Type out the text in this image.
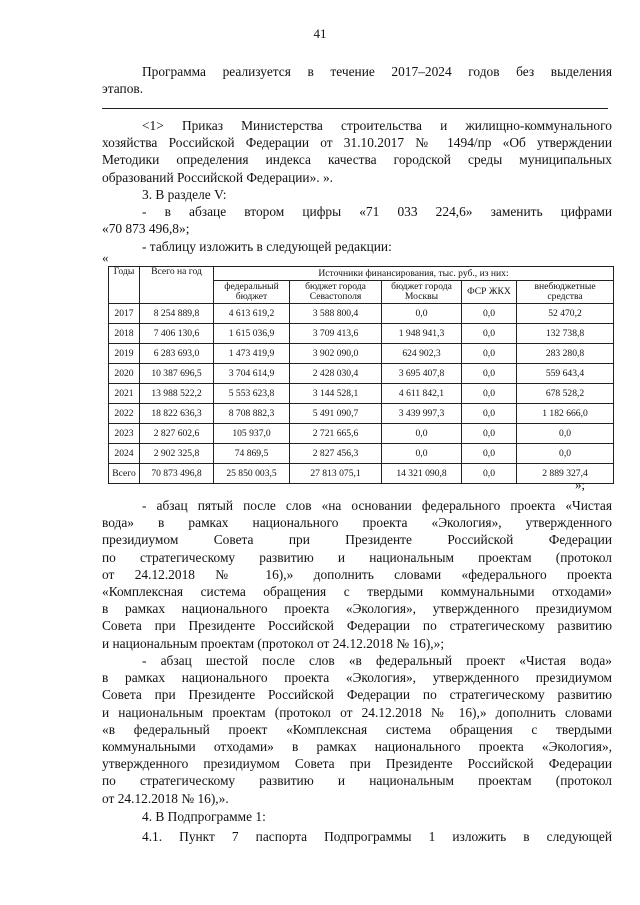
41
Программа реализуется в течение 2017–2024 годов без выделения
этапов.
<1> Приказ Министерства строительства и жилищно-коммунального
хозяйства Российской Федерации от 31.10.2017 № 1494/пр «Об утверждении
Методики определения индекса качества городской среды муниципальных
образований Российской Федерации». ».
3. В разделе V:
- в абзаце втором цифры «71 033 224,6» заменить цифрами
«70 873 496,8»;
- таблицу изложить в следующей редакции:
«
Годы	Всего на год	Источники финансирования, тыс. руб., из них:				
		федеральный бюджет	бюджет города Севастополя	бюджет города Москвы	ФСР ЖКХ	внебюджетные средства
2017	8 254 889,8	4 613 619,2	3 588 800,4	0,0	0,0	52 470,2
2018	7 406 130,6	1 615 036,9	3 709 413,6	1 948 941,3	0,0	132 738,8
2019	6 283 693,0	1 473 419,9	3 902 090,0	624 902,3	0,0	283 280,8
2020	10 387 696,5	3 704 614,9	2 428 030,4	3 695 407,8	0,0	559 643,4
2021	13 988 522,2	5 553 623,8	3 144 528,1	4 611 842,1	0,0	678 528,2
2022	18 822 636,3	8 708 882,3	5 491 090,7	3 439 997,3	0,0	1 182 666,0
2023	2 827 602,6	105 937,0	2 721 665,6	0,0	0,0	0,0
2024	2 902 325,8	74 869,5	2 827 456,3	0,0	0,0	0,0
Всего	70 873 496,8	25 850 003,5	27 813 075,1	14 321 090,8	0,0	2 889 327,4
»;
- абзац пятый после слов «на основании федерального проекта «Чистая
вода» в рамках национального проекта «Экология», утвержденного
президиумом Совета при Президенте Российской Федерации
по стратегическому развитию и национальным проектам (протокол
от 24.12.2018 № 16),» дополнить словами «федерального проекта
«Комплексная система обращения с твердыми коммунальными отходами»
в рамках национального проекта «Экология», утвержденного президиумом
Совета при Президенте Российской Федерации по стратегическому развитию
и национальным проектам (протокол от 24.12.2018 № 16),»;
- абзац шестой после слов «в федеральный проект «Чистая вода»
в рамках национального проекта «Экология», утвержденного президиумом
Совета при Президенте Российской Федерации по стратегическому развитию
и национальным проектам (протокол от 24.12.2018 № 16),» дополнить словами
«в федеральный проект «Комплексная система обращения с твердыми
коммунальными отходами» в рамках национального проекта «Экология»,
утвержденного президиумом Совета при Президенте Российской Федерации
по стратегическому развитию и национальным проектам (протокол
от 24.12.2018 № 16),».
4. В Подпрограмме 1:
4.1. Пункт 7 паспорта Подпрограммы 1 изложить в следующей
